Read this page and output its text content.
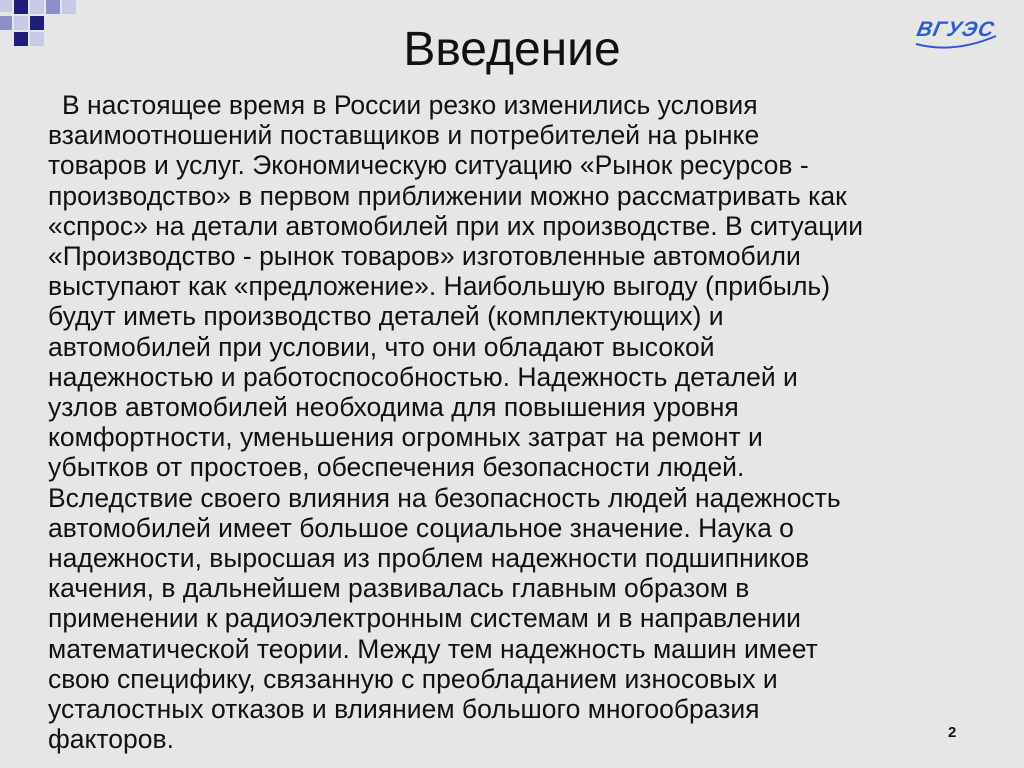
ВГУЭС
Введение
В настоящее время в России резко изменились условия
взаимоотношений поставщиков и потребителей на рынке
товаров и услуг. Экономическую ситуацию «Рынок ресурсов -
производство» в первом приближении можно рассматривать как
«спрос» на детали автомобилей при их производстве. В ситуации
«Производство - рынок товаров» изготовленные автомобили
выступают как «предложение». Наибольшую выгоду (прибыль)
будут иметь производство деталей (комплектующих) и
автомобилей при условии, что они обладают высокой
надежностью и работоспособностью. Надежность деталей и
узлов автомобилей необходима для повышения уровня
комфортности, уменьшения огромных затрат на ремонт и
убытков от простоев, обеспечения безопасности людей.
Вследствие своего влияния на безопасность людей надежность
автомобилей имеет большое социальное значение. Наука о
надежности, выросшая из проблем надежности подшипников
качения, в дальнейшем развивалась главным образом в
применении к радиоэлектронным системам и в направлении
математической теории. Между тем надежность машин имеет
свою специфику, связанную с преобладанием износовых и
усталостных отказов и влиянием большого многообразия
факторов.	2
